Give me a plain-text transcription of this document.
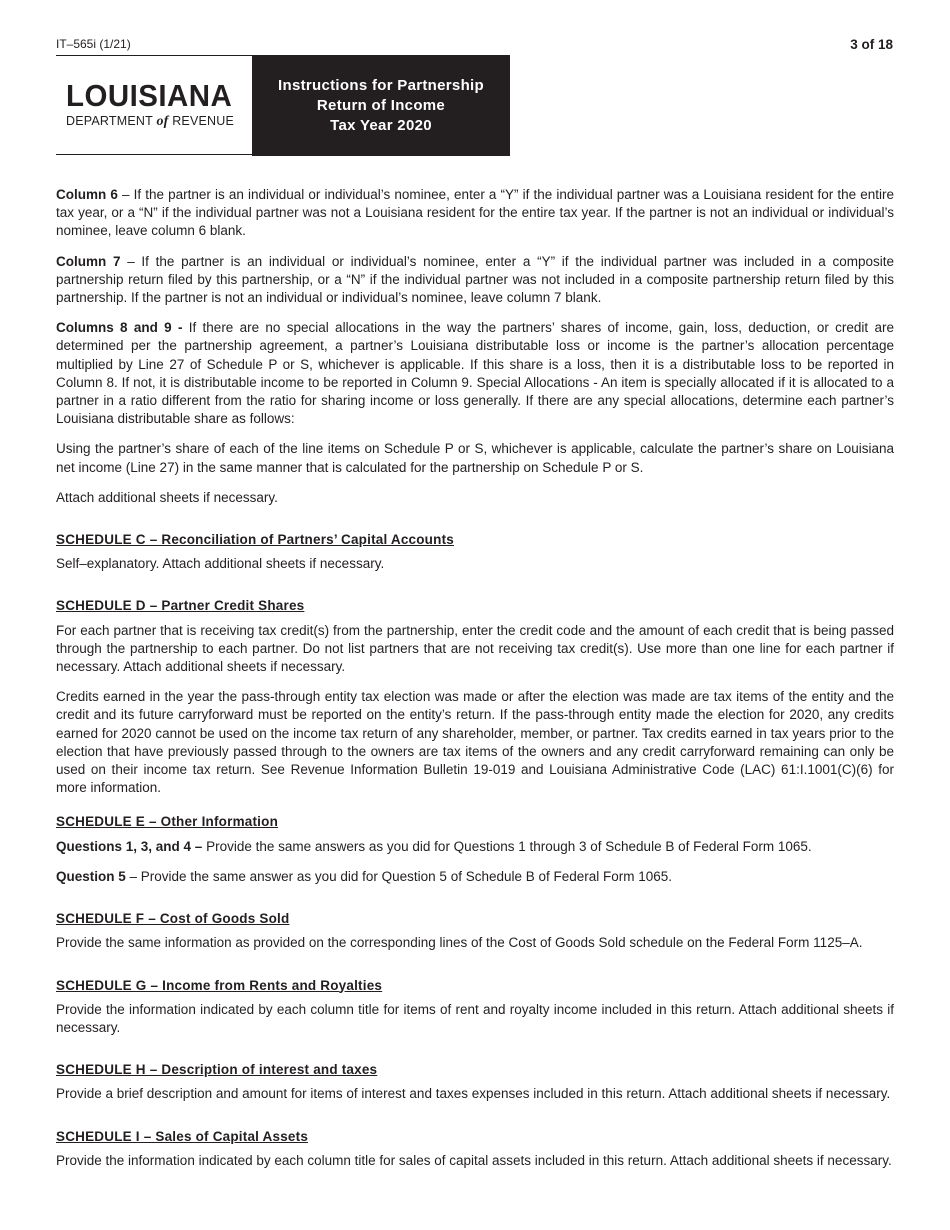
IT–565i (1/21)	3 of 18
LOUISIANA
DEPARTMENT of REVENUE
Instructions for Partnership
Return of Income
Tax Year 2020

Column 6 – If the partner is an individual or individual’s nominee, enter a “Y” if the individual partner was a Louisiana resident for the entire tax year, or a “N” if the individual partner was not a Louisiana resident for the entire tax year. If the partner is not an individual or individual’s nominee, leave column 6 blank.

Column 7 – If the partner is an individual or individual’s nominee, enter a “Y” if the individual partner was included in a composite partnership return filed by this partnership, or a “N” if the individual partner was not included in a composite partnership return filed by this partnership. If the partner is not an individual or individual’s nominee, leave column 7 blank.

Columns 8 and 9 - If there are no special allocations in the way the partners’ shares of income, gain, loss, deduction, or credit are determined per the partnership agreement, a partner’s Louisiana distributable loss or income is the partner’s allocation percentage multiplied by Line 27 of Schedule P or S, whichever is applicable. If this share is a loss, then it is a distributable loss to be reported in Column 8. If not, it is distributable income to be reported in Column 9. Special Allocations - An item is specially allocated if it is allocated to a partner in a ratio different from the ratio for sharing income or loss generally. If there are any special allocations, determine each partner’s Louisiana distributable share as follows:

Using the partner’s share of each of the line items on Schedule P or S, whichever is applicable, calculate the partner’s share on Louisiana net income (Line 27) in the same manner that is calculated for the partnership on Schedule P or S.

Attach additional sheets if necessary.

SCHEDULE C – Reconciliation of Partners’ Capital Accounts

Self–explanatory. Attach additional sheets if necessary.

SCHEDULE D – Partner Credit Shares

For each partner that is receiving tax credit(s) from the partnership, enter the credit code and the amount of each credit that is being passed through the partnership to each partner. Do not list partners that are not receiving tax credit(s). Use more than one line for each partner if necessary. Attach additional sheets if necessary.

Credits earned in the year the pass-through entity tax election was made or after the election was made are tax items of the entity and the credit and its future carryforward must be reported on the entity’s return. If the pass-through entity made the election for 2020, any credits earned for 2020 cannot be used on the income tax return of any shareholder, member, or partner. Tax credits earned in tax years prior to the election that have previously passed through to the owners are tax items of the owners and any credit carryforward remaining can only be used on their income tax return. See Revenue Information Bulletin 19-019 and Louisiana Administrative Code (LAC) 61:I.1001(C)(6) for more information.

SCHEDULE E – Other Information

Questions 1, 3, and 4 – Provide the same answers as you did for Questions 1 through 3 of Schedule B of Federal Form 1065.

Question 5 – Provide the same answer as you did for Question 5 of Schedule B of Federal Form 1065.

SCHEDULE F – Cost of Goods Sold

Provide the same information as provided on the corresponding lines of the Cost of Goods Sold schedule on the Federal Form 1125–A.

SCHEDULE G – Income from Rents and Royalties

Provide the information indicated by each column title for items of rent and royalty income included in this return. Attach additional sheets if necessary.

SCHEDULE H – Description of interest and taxes

Provide a brief description and amount for items of interest and taxes expenses included in this return. Attach additional sheets if necessary.

SCHEDULE I – Sales of Capital Assets

Provide the information indicated by each column title for sales of capital assets included in this return. Attach additional sheets if necessary.
